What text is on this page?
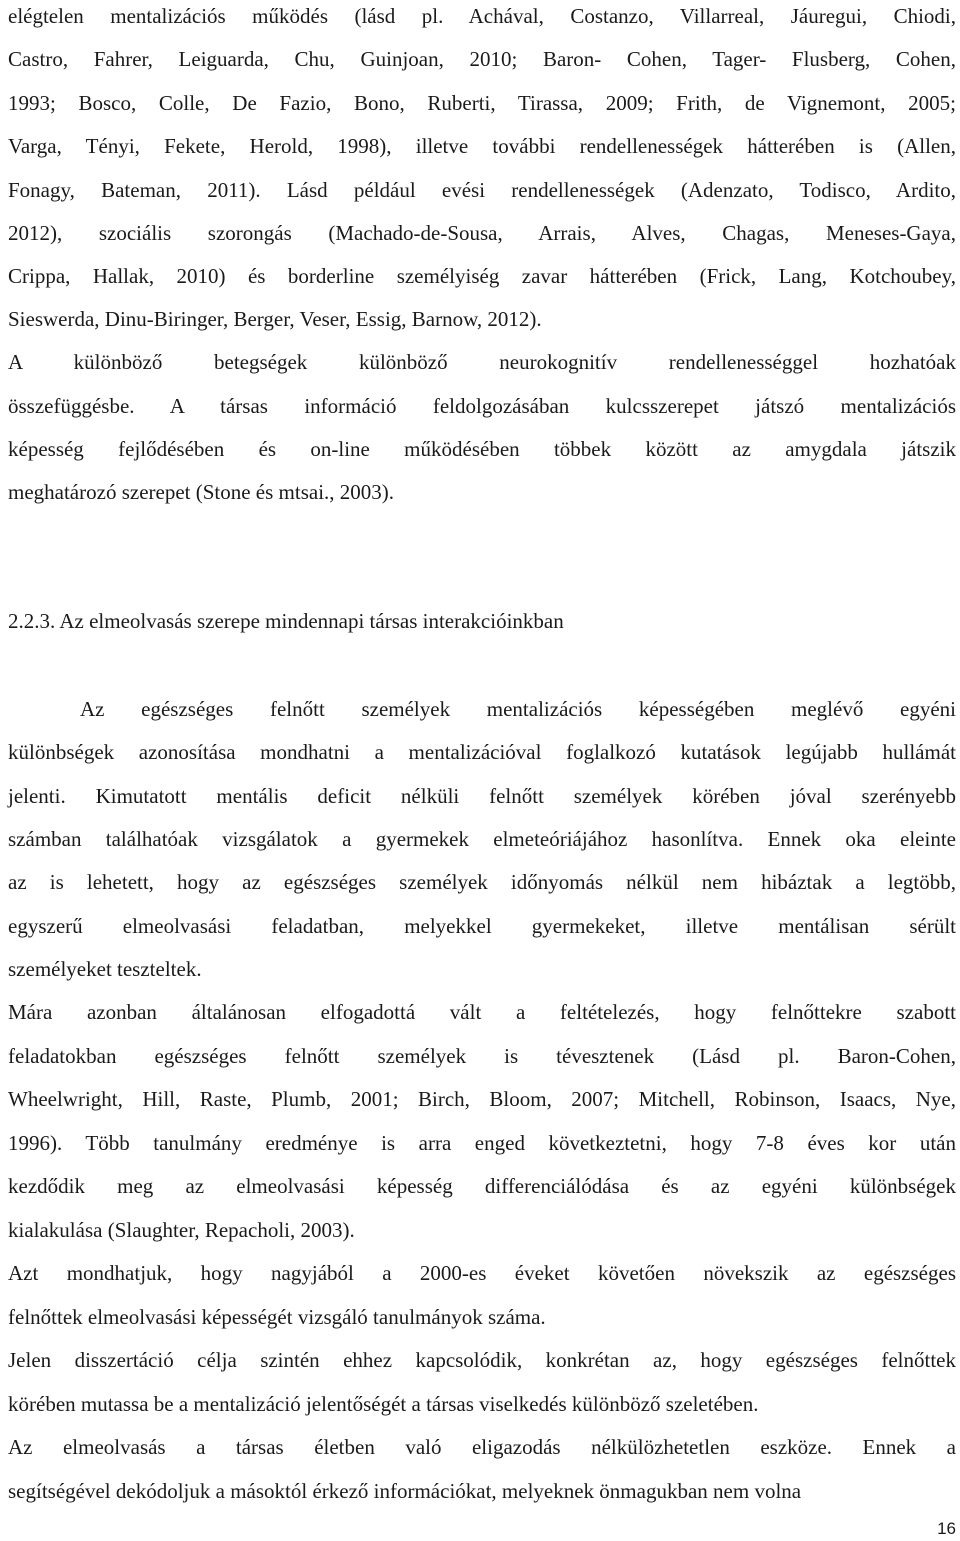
elégtelen mentalizációs működés (lásd pl. Achával, Costanzo, Villarreal, Jáuregui, Chiodi,
Castro, Fahrer, Leiguarda, Chu, Guinjoan, 2010; Baron- Cohen, Tager- Flusberg, Cohen,
1993; Bosco, Colle, De Fazio, Bono, Ruberti, Tirassa, 2009; Frith, de Vignemont, 2005;
Varga, Tényi, Fekete, Herold, 1998), illetve további rendellenességek hátterében is (Allen,
Fonagy, Bateman, 2011). Lásd például evési rendellenességek (Adenzato, Todisco, Ardito,
2012), szociális szorongás (Machado-de-Sousa, Arrais, Alves, Chagas, Meneses-Gaya,
Crippa, Hallak, 2010) és borderline személyiség zavar hátterében (Frick, Lang, Kotchoubey,
Sieswerda, Dinu-Biringer, Berger, Veser, Essig, Barnow, 2012).
A különböző betegségek különböző neurokognitív rendellenességgel hozhatóak
összefüggésbe. A társas információ feldolgozásában kulcsszerepet játszó mentalizációs
képesség fejlődésében és on-line működésében többek között az amygdala játszik
meghatározó szerepet (Stone és mtsai., 2003).
2.2.3. Az elmeolvasás szerepe mindennapi társas interakcióinkban
Az egészséges felnőtt személyek mentalizációs képességében meglévő egyéni
különbségek azonosítása mondhatni a mentalizációval foglalkozó kutatások legújabb hullámát
jelenti. Kimutatott mentális deficit nélküli felnőtt személyek körében jóval szerényebb
számban találhatóak vizsgálatok a gyermekek elmeteóriájához hasonlítva. Ennek oka eleinte
az is lehetett, hogy az egészséges személyek időnyomás nélkül nem hibáztak a legtöbb,
egyszerű elmeolvasási feladatban, melyekkel gyermekeket, illetve mentálisan sérült
személyeket teszteltek.
Mára azonban általánosan elfogadottá vált a feltételezés, hogy felnőttekre szabott
feladatokban egészséges felnőtt személyek is tévesztenek (Lásd pl. Baron-Cohen,
Wheelwright, Hill, Raste, Plumb, 2001; Birch, Bloom, 2007; Mitchell, Robinson, Isaacs, Nye,
1996). Több tanulmány eredménye is arra enged következtetni, hogy 7-8 éves kor után
kezdődik meg az elmeolvasási képesség differenciálódása és az egyéni különbségek
kialakulása (Slaughter, Repacholi, 2003).
Azt mondhatjuk, hogy nagyjából a 2000-es éveket követően növekszik az egészséges
felnőttek elmeolvasási képességét vizsgáló tanulmányok száma.
Jelen disszertáció célja szintén ehhez kapcsolódik, konkrétan az, hogy egészséges felnőttek
körében mutassa be a mentalizáció jelentőségét a társas viselkedés különböző szeletében.
Az elmeolvasás a társas életben való eligazodás nélkülözhetetlen eszköze. Ennek a
segítségével dekódoljuk a másoktól érkező információkat, melyeknek önmagukban nem volna
16
